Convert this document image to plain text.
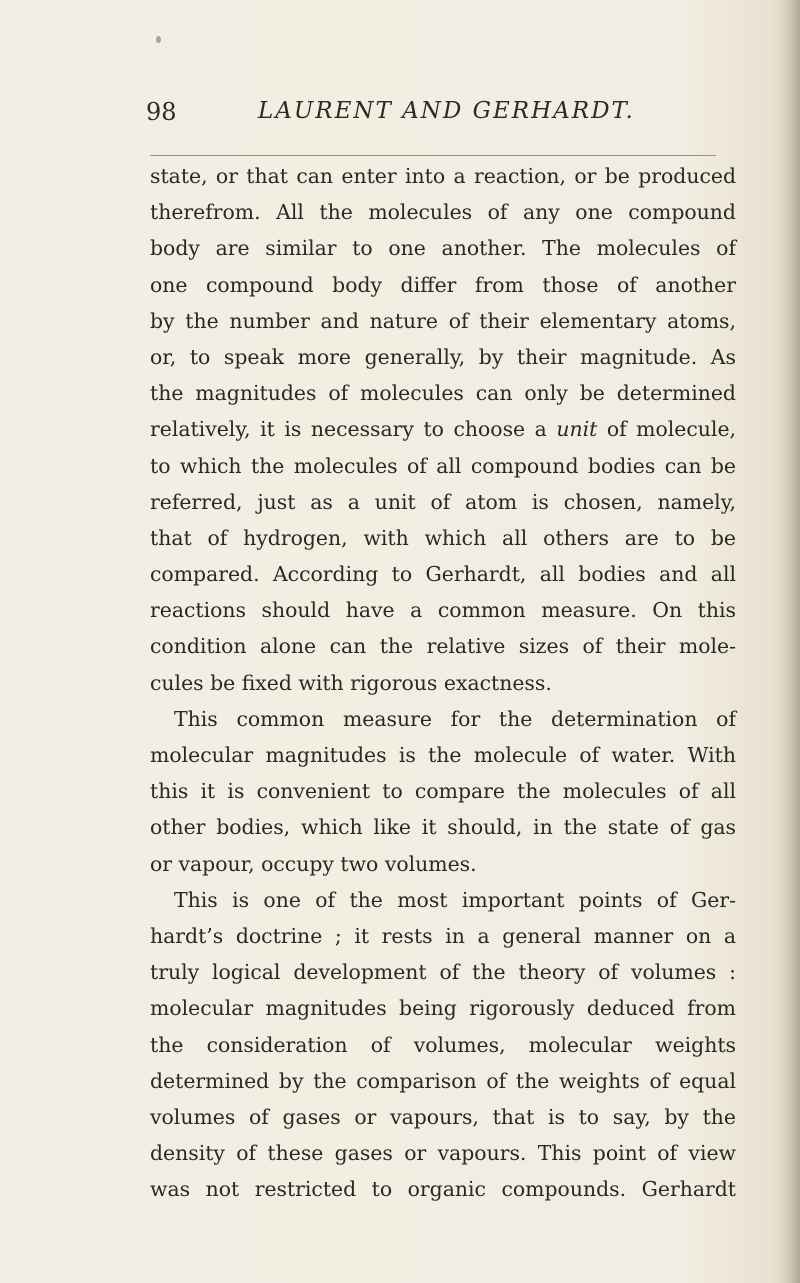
98	LAURENT AND GERHARDT.
state, or that can enter into a reaction, or be produced
therefrom. All the molecules of any one compound
body are similar to one another. The molecules of
one compound body differ from those of another
by the number and nature of their elementary atoms,
or, to speak more generally, by their magnitude. As
the magnitudes of molecules can only be determined
relatively, it is necessary to choose a unit of molecule,
to which the molecules of all compound bodies can be
referred, just as a unit of atom is chosen, namely,
that of hydrogen, with which all others are to be
compared. According to Gerhardt, all bodies and all
reactions should have a common measure. On this
condition alone can the relative sizes of their mole-
cules be fixed with rigorous exactness.
This common measure for the determination of
molecular magnitudes is the molecule of water. With
this it is convenient to compare the molecules of all
other bodies, which like it should, in the state of gas
or vapour, occupy two volumes.
This is one of the most important points of Ger-
hardt’s doctrine ; it rests in a general manner on a
truly logical development of the theory of volumes :
molecular magnitudes being rigorously deduced from
the consideration of volumes, molecular weights
determined by the comparison of the weights of equal
volumes of gases or vapours, that is to say, by the
density of these gases or vapours. This point of view
was not restricted to organic compounds. Gerhardt
